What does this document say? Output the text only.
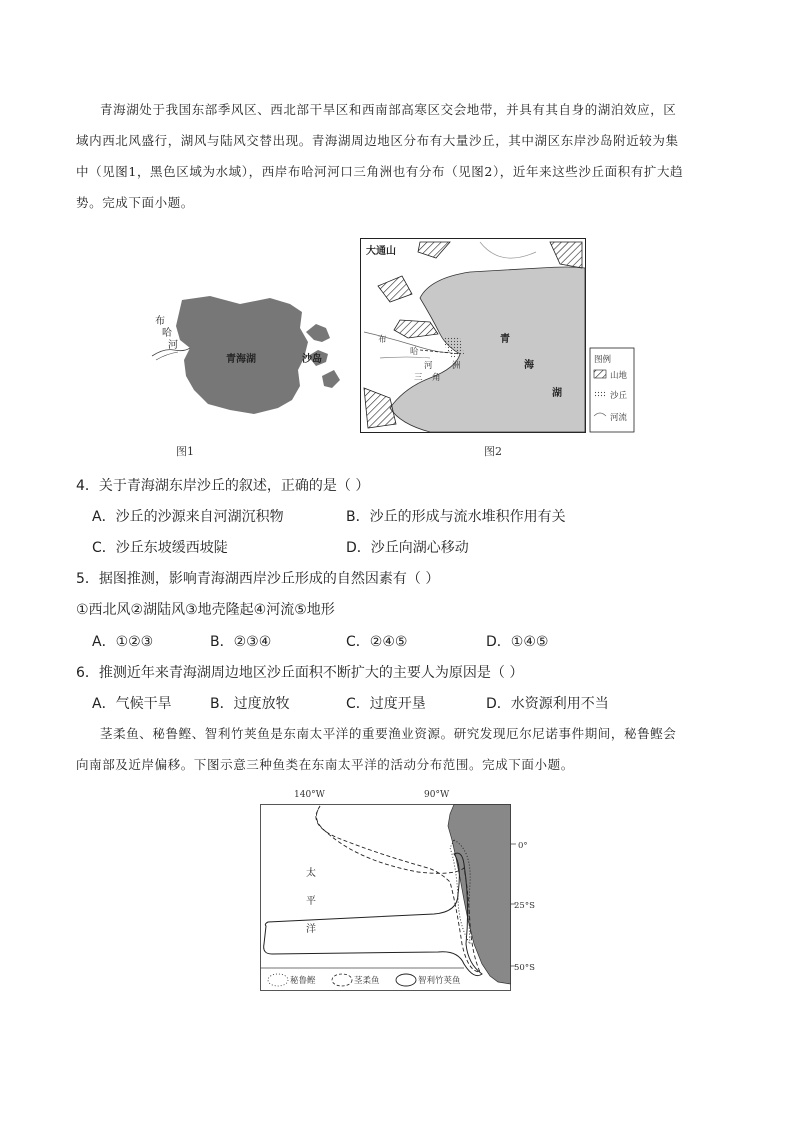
青海湖处于我国东部季风区、西北部干旱区和西南部高寒区交会地带，并具有其自身的湖泊效应，区
域内西北风盛行，湖风与陆风交替出现。青海湖周边地区分布有大量沙丘，其中湖区东岸沙岛附近较为集
中（见图1，黑色区域为水域），西岸布哈河河口三角洲也有分布（见图2），近年来这些沙丘面积有扩大趋
势。完成下面小题。
布
哈
河
青海湖	沙岛
图1
大通山
青
海
湖
布
哈
河
三 角
洲
图例
山地
沙丘
河流
图2
4．关于青海湖东岸沙丘的叙述，正确的是（ ）
A．沙丘的沙源来自河湖沉积物	B．沙丘的形成与流水堆积作用有关
C．沙丘东坡缓西坡陡	D．沙丘向湖心移动
5．据图推测，影响青海湖西岸沙丘形成的自然因素有（ ）
①西北风②湖陆风③地壳隆起④河流⑤地形
A．①②③	B．②③④	C．②④⑤	D．①④⑤
6．推测近年来青海湖周边地区沙丘面积不断扩大的主要人为原因是（ ）
A．气候干旱	B．过度放牧	C．过度开垦	D．水资源利用不当
茎柔鱼、秘鲁鲣、智利竹荚鱼是东南太平洋的重要渔业资源。研究发现厄尔尼诺事件期间，秘鲁鲣会
向南部及近岸偏移。下图示意三种鱼类在东南太平洋的活动分布范围。完成下面小题。
140°W	90°W
0°
25°S
50°S
太
平
洋
秘鲁鲣	茎柔鱼	智利竹荚鱼
